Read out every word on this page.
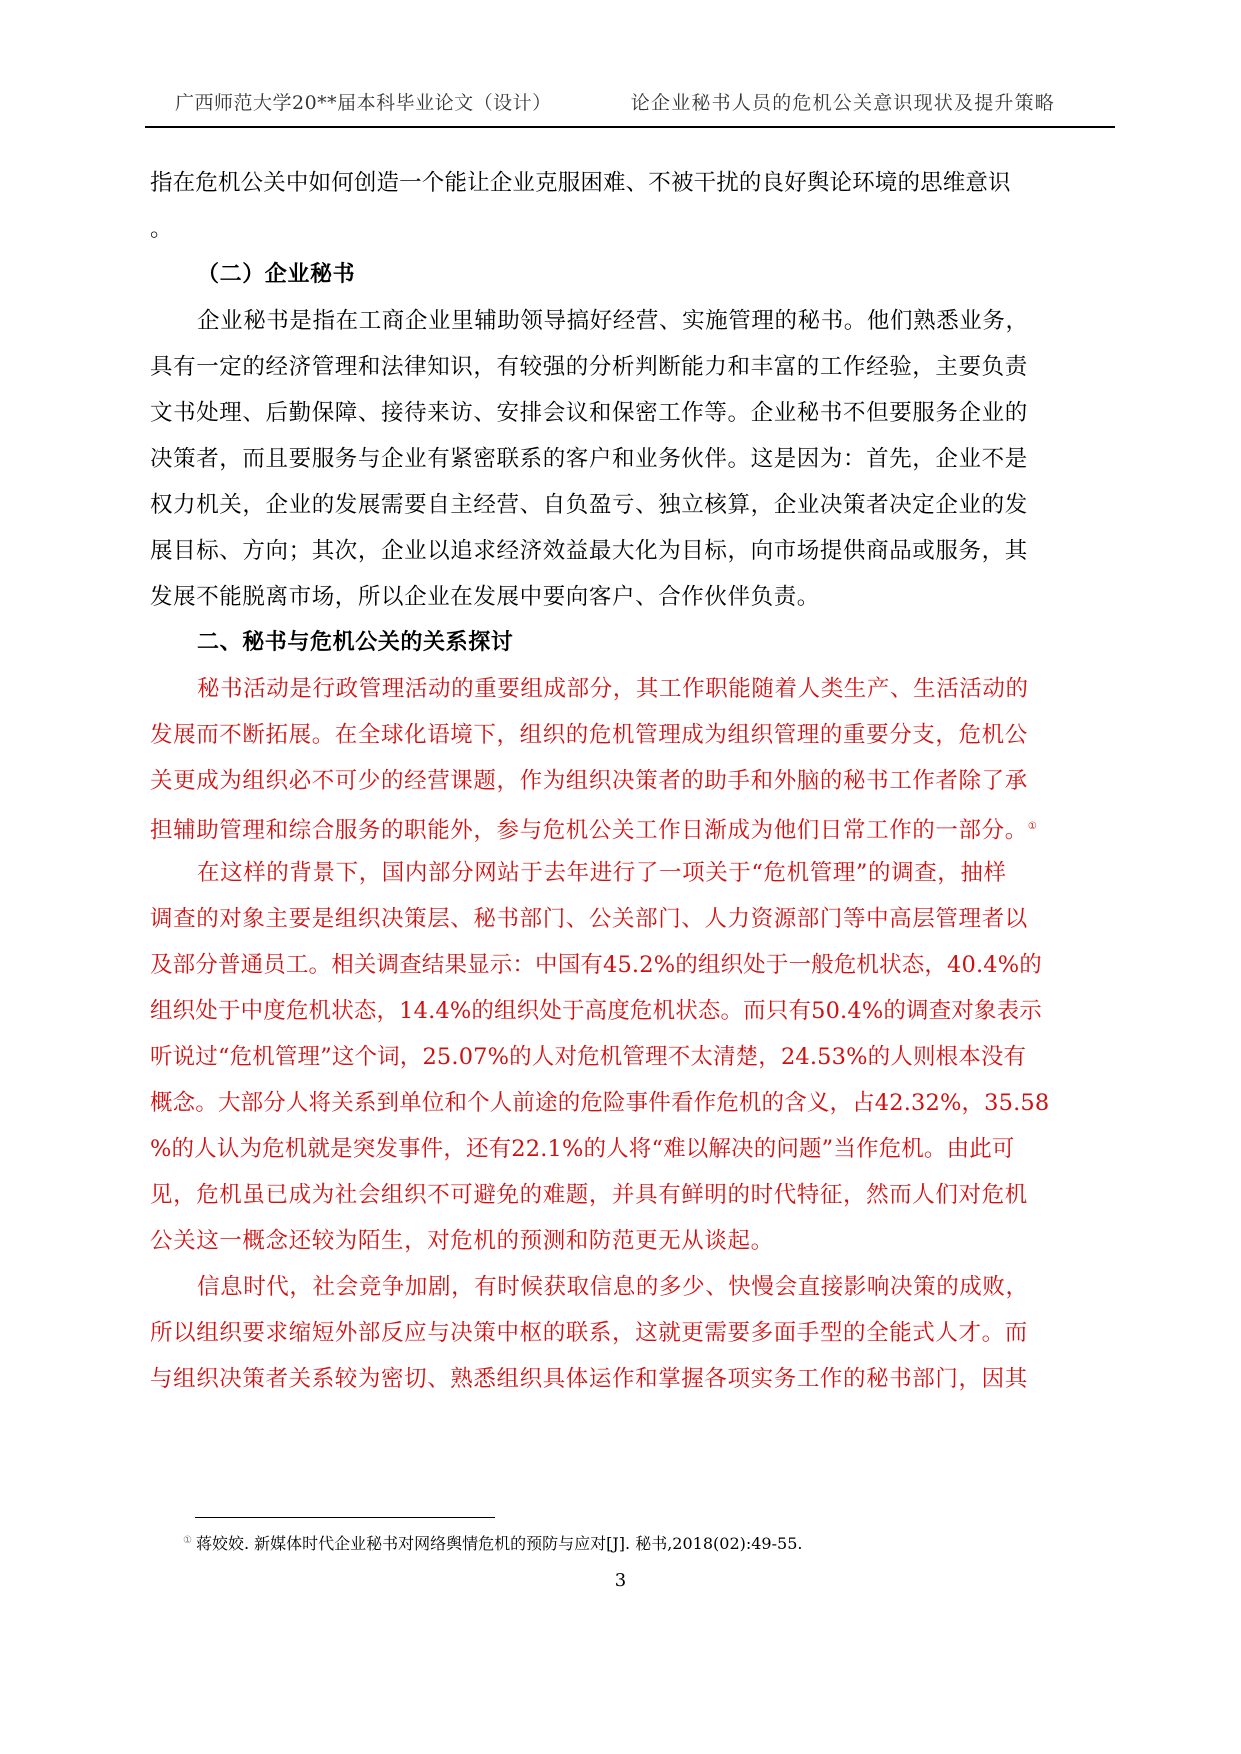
广西师范大学20**届本科毕业论文（设计）	论企业秘书人员的危机公关意识现状及提升策略
指在危机公关中如何创造一个能让企业克服困难、不被干扰的良好舆论环境的思维意识
。
（二）企业秘书
企业秘书是指在工商企业里辅助领导搞好经营、实施管理的秘书。他们熟悉业务，
具有一定的经济管理和法律知识，有较强的分析判断能力和丰富的工作经验，主要负责
文书处理、后勤保障、接待来访、安排会议和保密工作等。企业秘书不但要服务企业的
决策者，而且要服务与企业有紧密联系的客户和业务伙伴。这是因为：首先，企业不是
权力机关，企业的发展需要自主经营、自负盈亏、独立核算，企业决策者决定企业的发
展目标、方向；其次，企业以追求经济效益最大化为目标，向市场提供商品或服务，其
发展不能脱离市场，所以企业在发展中要向客户、合作伙伴负责。
二、秘书与危机公关的关系探讨
秘书活动是行政管理活动的重要组成部分，其工作职能随着人类生产、生活活动的
发展而不断拓展。在全球化语境下，组织的危机管理成为组织管理的重要分支，危机公
关更成为组织必不可少的经营课题，作为组织决策者的助手和外脑的秘书工作者除了承
担辅助管理和综合服务的职能外，参与危机公关工作日渐成为他们日常工作的一部分。①
在这样的背景下，国内部分网站于去年进行了一项关于“危机管理”的调查，抽样
调查的对象主要是组织决策层、秘书部门、公关部门、人力资源部门等中高层管理者以
及部分普通员工。相关调查结果显示：中国有45.2%的组织处于一般危机状态，40.4%的
组织处于中度危机状态，14.4%的组织处于高度危机状态。而只有50.4%的调查对象表示
听说过“危机管理”这个词，25.07%的人对危机管理不太清楚，24.53%的人则根本没有
概念。大部分人将关系到单位和个人前途的危险事件看作危机的含义，占42.32%，35.58
%的人认为危机就是突发事件，还有22.1%的人将“难以解决的问题”当作危机。由此可
见，危机虽已成为社会组织不可避免的难题，并具有鲜明的时代特征，然而人们对危机
公关这一概念还较为陌生，对危机的预测和防范更无从谈起。
信息时代，社会竞争加剧，有时候获取信息的多少、快慢会直接影响决策的成败，
所以组织要求缩短外部反应与决策中枢的联系，这就更需要多面手型的全能式人才。而
与组织决策者关系较为密切、熟悉组织具体运作和掌握各项实务工作的秘书部门，因其
① 蒋姣姣. 新媒体时代企业秘书对网络舆情危机的预防与应对[J]. 秘书,2018(02):49-55.
3
